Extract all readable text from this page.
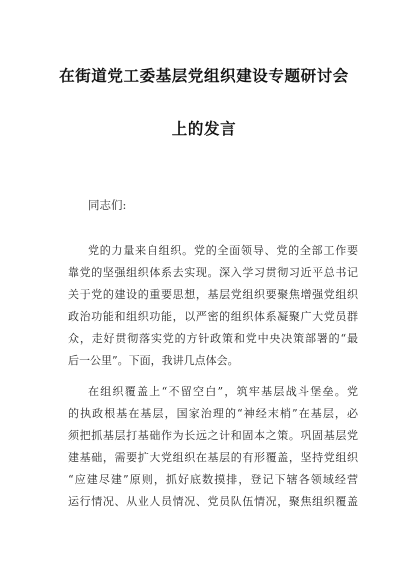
在街道党工委基层党组织建设专题研讨会
上的发言
同志们:
党的力量来自组织。党的全面领导、党的全部工作要
靠党的坚强组织体系去实现。深入学习贯彻习近平总书记
关于党的建设的重要思想，基层党组织要聚焦增强党组织
政治功能和组织功能，以严密的组织体系凝聚广大党员群
众，走好贯彻落实党的方针政策和党中央决策部署的“最
后一公里”。下面，我讲几点体会。
在组织覆盖上“不留空白”，筑牢基层战斗堡垒。党
的执政根基在基层，国家治理的“神经末梢”在基层，必
须把抓基层打基础作为长远之计和固本之策。巩固基层党
建基础，需要扩大党组织在基层的有形覆盖，坚持党组织
“应建尽建”原则，抓好底数摸排，登记下辖各领域经营
运行情况、从业人员情况、党员队伍情况，聚焦组织覆盖
